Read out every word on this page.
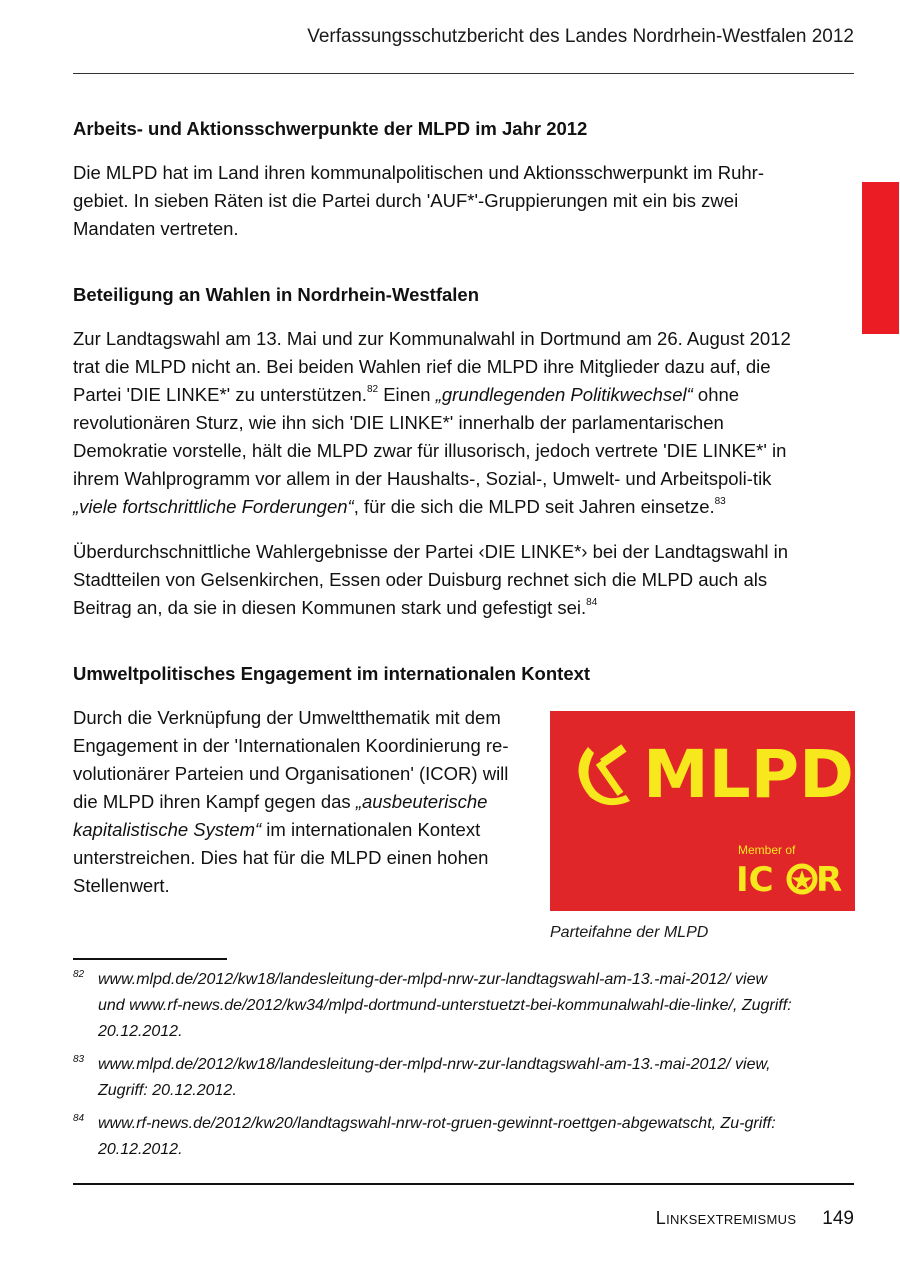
Verfassungsschutzbericht des Landes Nordrhein-Westfalen 2012
Arbeits- und Aktionsschwerpunkte der MLPD im Jahr 2012

Die MLPD hat im Land ihren kommunalpolitischen und Aktionsschwerpunkt im Ruhr-gebiet. In sieben Räten ist die Partei durch 'AUF*'-Gruppierungen mit ein bis zwei Mandaten vertreten.

Beteiligung an Wahlen in Nordrhein-Westfalen

Zur Landtagswahl am 13. Mai und zur Kommunalwahl in Dortmund am 26. August 2012 trat die MLPD nicht an. Bei beiden Wahlen rief die MLPD ihre Mitglieder dazu auf, die Partei 'DIE LINKE*' zu unterstützen.$^{82}$ Einen „grundlegenden Politikwechsel“ ohne revolutionären Sturz, wie ihn sich 'DIE LINKE*' innerhalb der parlamentarischen Demokratie vorstelle, hält die MLPD zwar für illusorisch, jedoch vertrete 'DIE LINKE*' in ihrem Wahlprogramm vor allem in der Haushalts-, Sozial-, Umwelt- und Arbeitspoli-tik „viele fortschrittliche Forderungen“, für die sich die MLPD seit Jahren einsetze.$^{83}$

Überdurchschnittliche Wahlergebnisse der Partei ‹DIE LINKE*› bei der Landtagswahl in Stadtteilen von Gelsenkirchen, Essen oder Duisburg rechnet sich die MLPD auch als Beitrag an, da sie in diesen Kommunen stark und gefestigt sei.$^{84}$

Umweltpolitisches Engagement im internationalen Kontext

Durch die Verknüpfung der Umweltthematik mit dem Engagement in der 'Internationalen Koordinierung re-volutionärer Parteien und Organisationen' (ICOR) will die MLPD ihren Kampf gegen das „ausbeuterische kapitalistische System“ im internationalen Kontext unterstreichen. Dies hat für die MLPD einen hohen Stellenwert.

MLPD
Member of
IC R
Parteifahne der MLPD
82 www.mlpd.de/2012/kw18/landesleitung-der-mlpd-nrw-zur-landtagswahl-am-13.-mai-2012/ view und www.rf-news.de/2012/kw34/mlpd-dortmund-unterstuetzt-bei-kommunalwahl-die-linke/, Zugriff: 20.12.2012.
83 www.mlpd.de/2012/kw18/landesleitung-der-mlpd-nrw-zur-landtagswahl-am-13.-mai-2012/ view, Zugriff: 20.12.2012.
84 www.rf-news.de/2012/kw20/landtagswahl-nrw-rot-gruen-gewinnt-roettgen-abgewatscht, Zu-griff: 20.12.2012.
Linksextremismus 149
